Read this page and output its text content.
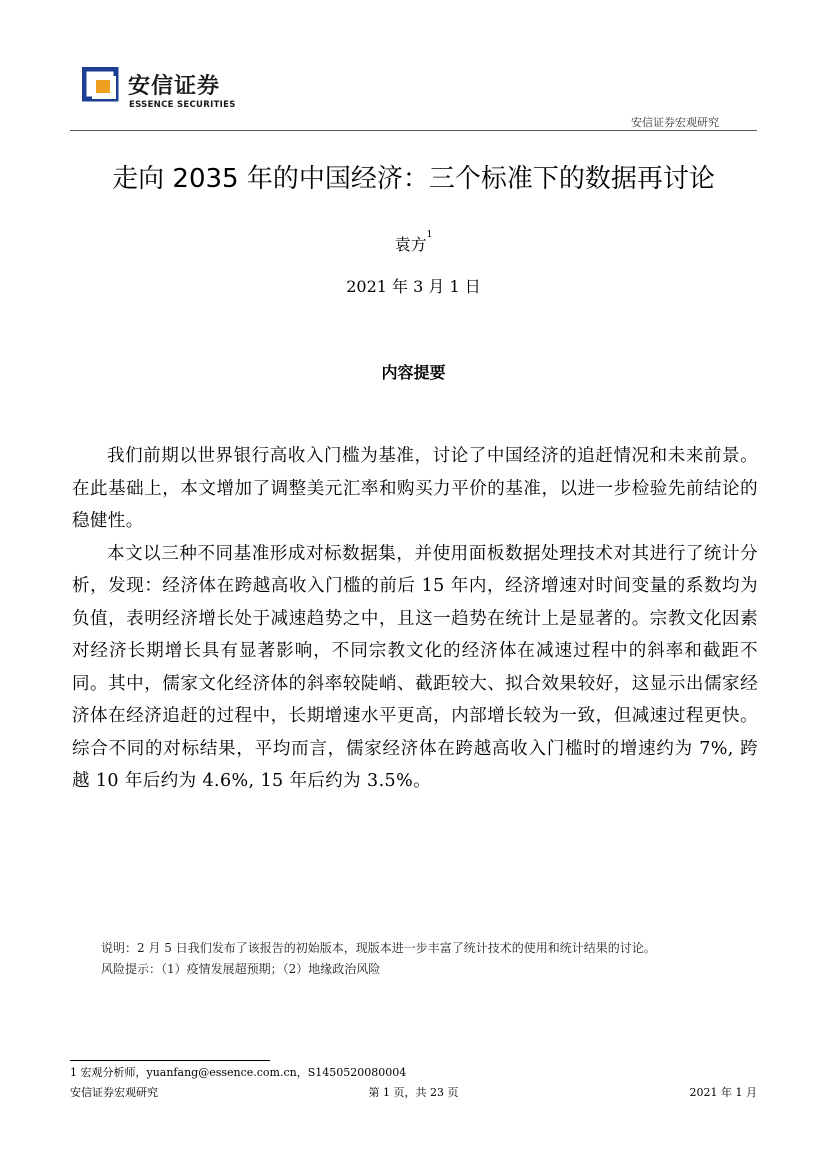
安信证券
ESSENCE SECURITIES
安信证券宏观研究
走向 2035 年的中国经济：三个标准下的数据再讨论
袁方$^1$
2021 年 3 月 1 日
内容提要

我们前期以世界银行高收入门槛为基准，讨论了中国经济的追赶情况和未来前景。在此基础上，本文增加了调整美元汇率和购买力平价的基准，以进一步检验先前结论的稳健性。

本文以三种不同基准形成对标数据集，并使用面板数据处理技术对其进行了统计分析，发现：经济体在跨越高收入门槛的前后 15 年内，经济增速对时间变量的系数均为负值，表明经济增长处于减速趋势之中，且这一趋势在统计上是显著的。宗教文化因素对经济长期增长具有显著影响，不同宗教文化的经济体在减速过程中的斜率和截距不同。其中，儒家文化经济体的斜率较陡峭、截距较大、拟合效果较好，这显示出儒家经济体在经济追赶的过程中，长期增速水平更高，内部增长较为一致，但减速过程更快。综合不同的对标结果，平均而言，儒家经济体在跨越高收入门槛时的增速约为 7%, 跨越 10 年后约为 4.6%, 15 年后约为 3.5%。

说明：2 月 5 日我们发布了该报告的初始版本，现版本进一步丰富了统计技术的使用和统计结果的讨论。
风险提示：（1）疫情发展超预期；（2）地缘政治风险
1 宏观分析师，yuanfang@essence.com.cn，S1450520080004
安信证券宏观研究	第 1 页，共 23 页	2021 年 1 月
